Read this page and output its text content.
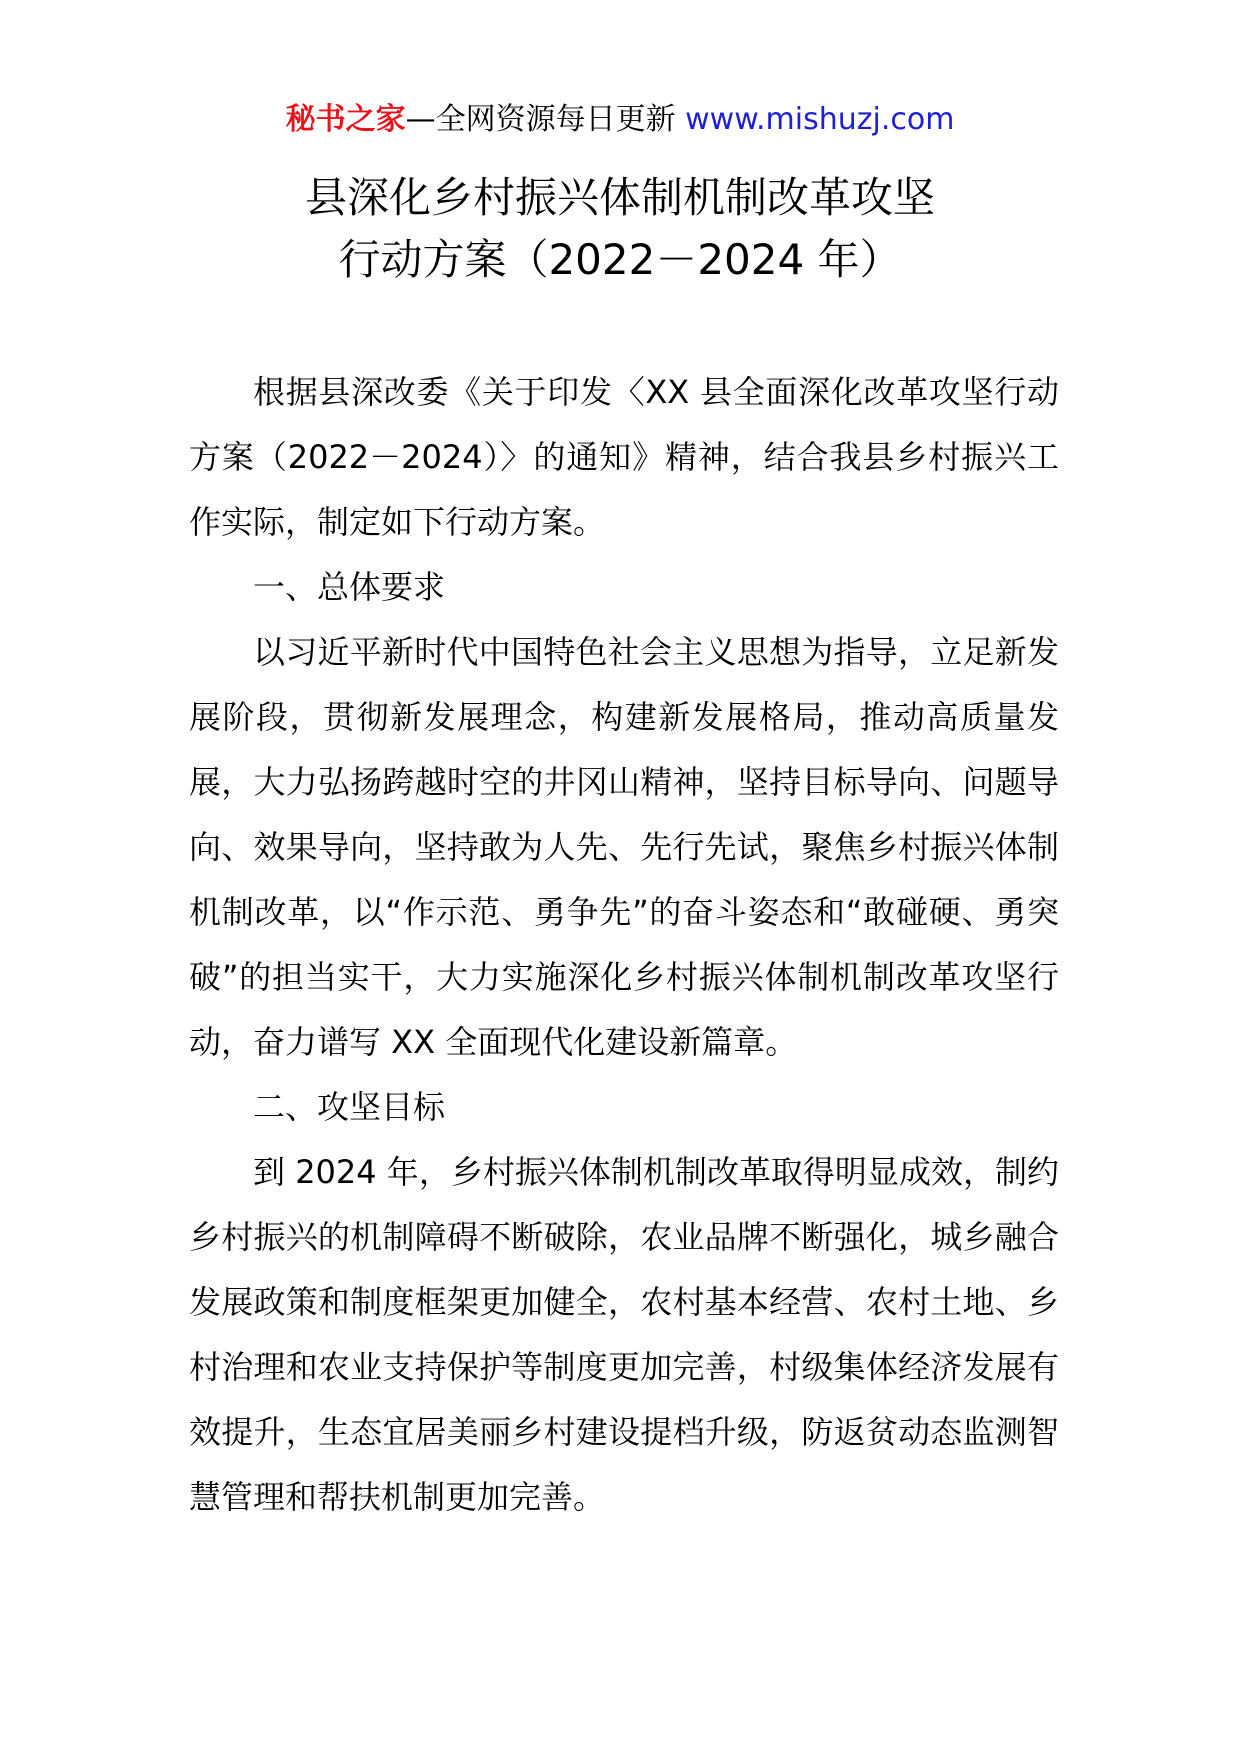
秘书之家—全网资源每日更新 www.mishuzj.com
县深化乡村振兴体制机制改革攻坚
行动方案（2022－2024 年）

根据县深改委《关于印发〈XX 县全面深化改革攻坚行动方案（2022－2024）〉的通知》精神，结合我县乡村振兴工作实际，制定如下行动方案。

一、总体要求

以习近平新时代中国特色社会主义思想为指导，立足新发展阶段，贯彻新发展理念，构建新发展格局，推动高质量发展，大力弘扬跨越时空的井冈山精神，坚持目标导向、问题导向、效果导向，坚持敢为人先、先行先试，聚焦乡村振兴体制机制改革，以“作示范、勇争先”的奋斗姿态和“敢碰硬、勇突破”的担当实干，大力实施深化乡村振兴体制机制改革攻坚行动，奋力谱写 XX 全面现代化建设新篇章。

二、攻坚目标

到 2024 年，乡村振兴体制机制改革取得明显成效，制约乡村振兴的机制障碍不断破除，农业品牌不断强化，城乡融合发展政策和制度框架更加健全，农村基本经营、农村土地、乡村治理和农业支持保护等制度更加完善，村级集体经济发展有效提升，生态宜居美丽乡村建设提档升级，防返贫动态监测智慧管理和帮扶机制更加完善。
